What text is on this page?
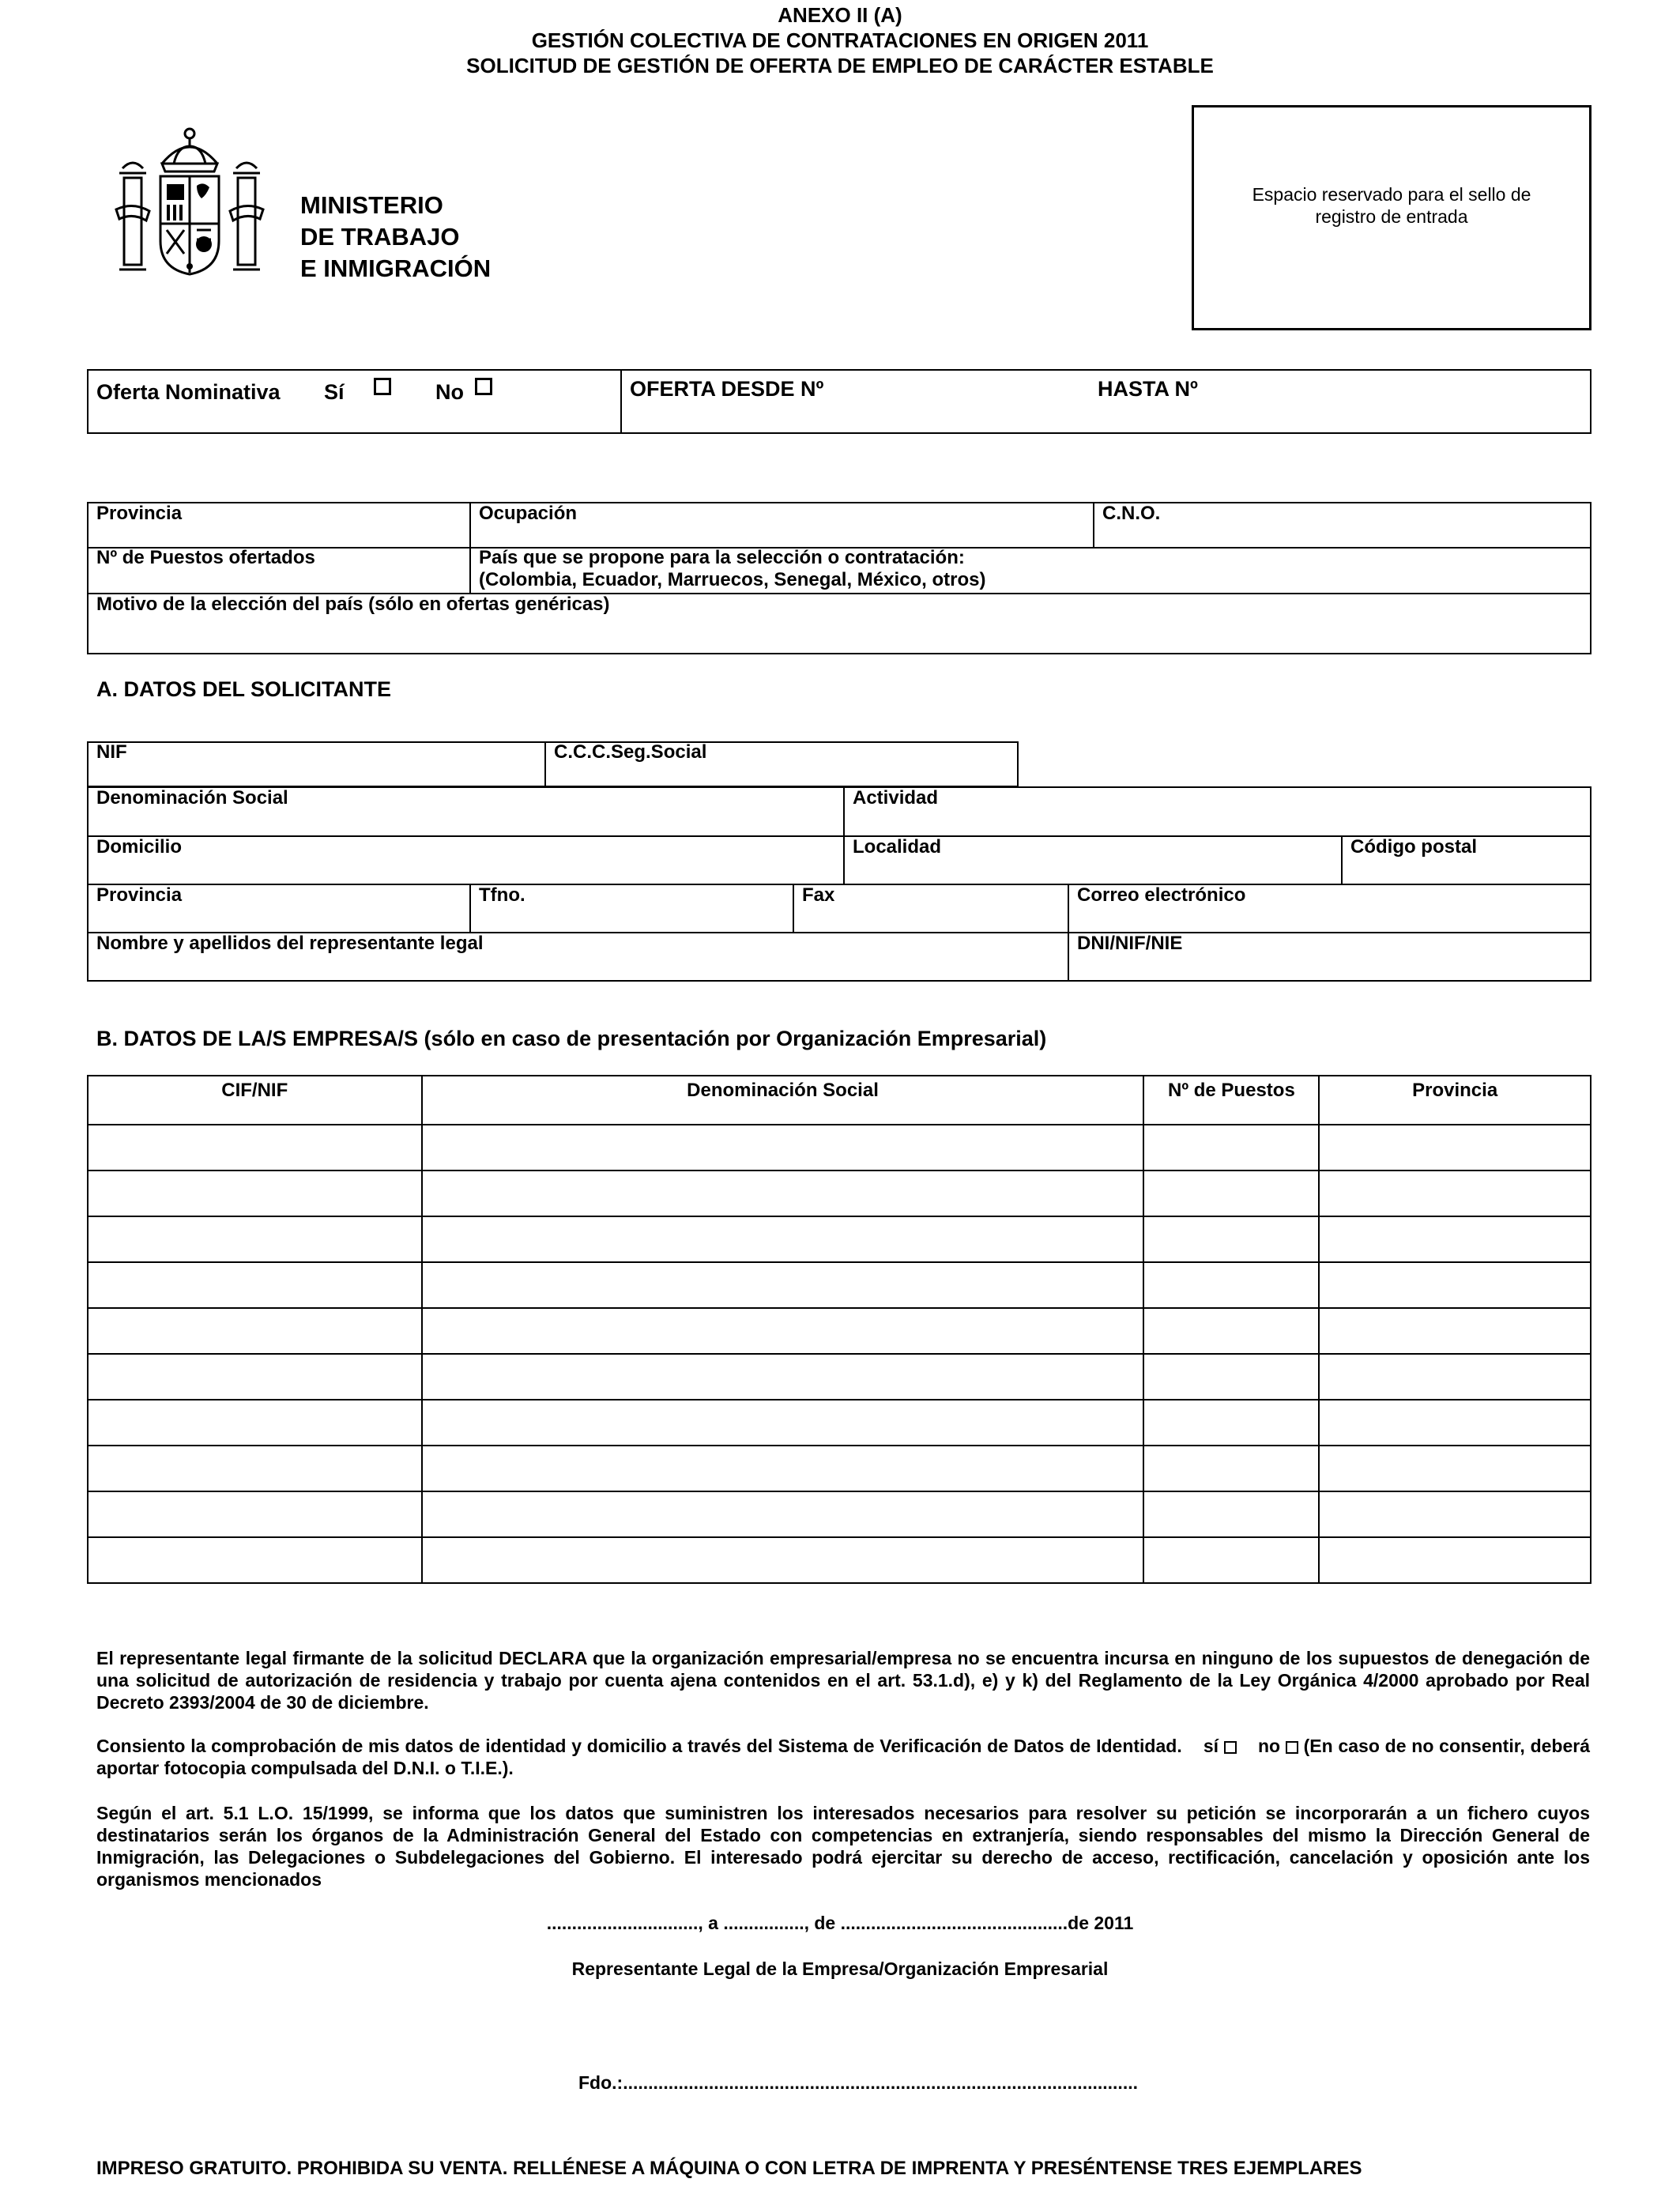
ANEXO II (A)
GESTIÓN COLECTIVA DE CONTRATACIONES EN ORIGEN 2011
SOLICITUD DE GESTIÓN DE OFERTA DE EMPLEO DE CARÁCTER ESTABLE
MINISTERIO
DE TRABAJO
E INMIGRACIÓN
Espacio reservado para el sello de registro de entrada
Oferta Nominativa Sí	No	OFERTA DESDE Nº	HASTA Nº
Provincia	Ocupación	C.N.O.
Nº de Puestos ofertados	País que se propone para la selección o contratación:
(Colombia, Ecuador, Marruecos, Senegal, México, otros)
Motivo de la elección del país (sólo en ofertas genéricas)
A. DATOS DEL SOLICITANTE
NIF	C.C.C.Seg.Social
Denominación Social	Actividad
Domicilio	Localidad	Código postal
Provincia	Tfno.	Fax	Correo electrónico
Nombre y apellidos del representante legal	DNI/NIF/NIE
B. DATOS DE LA/S EMPRESA/S (sólo en caso de presentación por Organización Empresarial)
CIF/NIF	Denominación Social	Nº de Puestos	Provincia

El representante legal firmante de la solicitud DECLARA que la organización empresarial/empresa no se encuentra incursa en ninguno de los supuestos de denegación de una solicitud de autorización de residencia y trabajo por cuenta ajena contenidos en el art. 53.1.d), e) y k) del Reglamento de la Ley Orgánica 4/2000 aprobado por Real Decreto 2393/2004 de 30 de diciembre.
Consiento la comprobación de mis datos de identidad y domicilio a través del Sistema de Verificación de Datos de Identidad. sí no (En caso de no consentir, deberá aportar fotocopia compulsada del D.N.I. o T.I.E.).
Según el art. 5.1 L.O. 15/1999, se informa que los datos que suministren los interesados necesarios para resolver su petición se incorporarán a un fichero cuyos destinatarios serán los órganos de la Administración General del Estado con competencias en extranjería, siendo responsables del mismo la Dirección General de Inmigración, las Delegaciones o Subdelegaciones del Gobierno. El interesado podrá ejercitar su derecho de acceso, rectificación, cancelación y oposición ante los organismos mencionados
.............................., a ................, de .............................................de 2011
Representante Legal de la Empresa/Organización Empresarial
Fdo.:......................................................................................................
IMPRESO GRATUITO. PROHIBIDA SU VENTA. RELLÉNESE A MÁQUINA O CON LETRA DE IMPRENTA Y PRESÉNTENSE TRES EJEMPLARES
